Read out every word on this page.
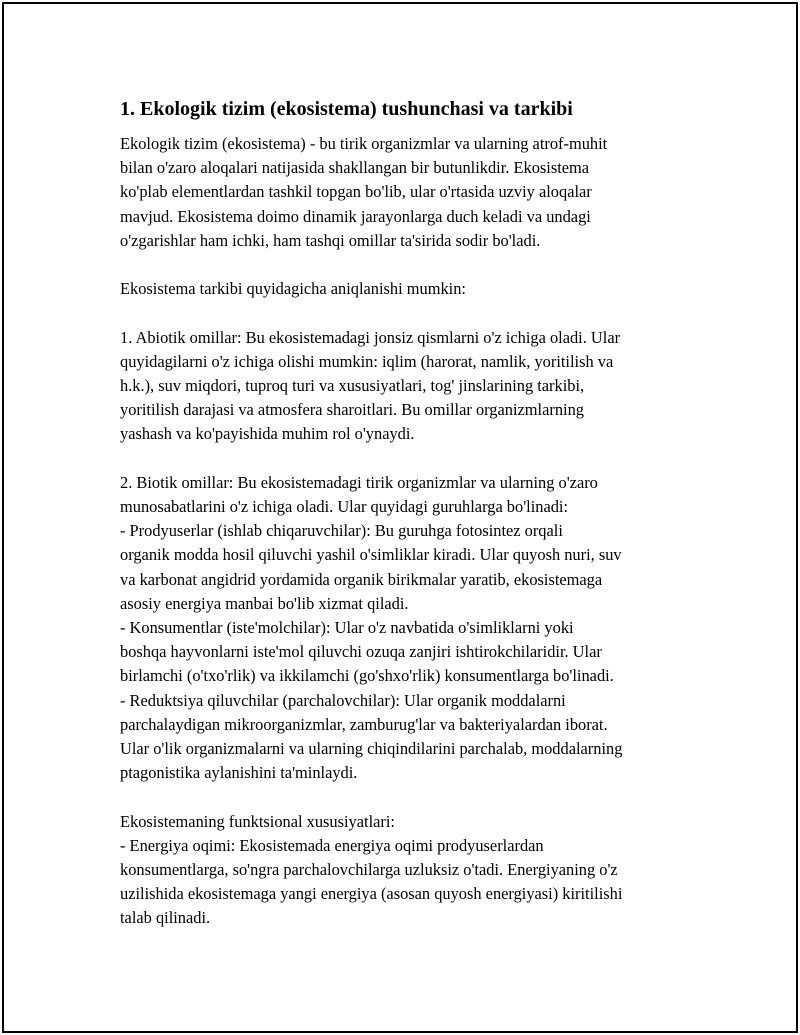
1. Ekologik tizim (ekosistema) tushunchasi va tarkibi

Ekologik tizim (ekosistema) - bu tirik organizmlar va ularning atrof-muhit
bilan o'zaro aloqalari natijasida shakllangan bir butunlikdir. Ekosistema
ko'plab elementlardan tashkil topgan bo'lib, ular o'rtasida uzviy aloqalar
mavjud. Ekosistema doimo dinamik jarayonlarga duch keladi va undagi
o'zgarishlar ham ichki, ham tashqi omillar ta'sirida sodir bo'ladi.

Ekosistema tarkibi quyidagicha aniqlanishi mumkin:

1. Abiotik omillar: Bu ekosistemadagi jonsiz qismlarni o'z ichiga oladi. Ular
quyidagilarni o'z ichiga olishi mumkin: iqlim (harorat, namlik, yoritilish va
h.k.), suv miqdori, tuproq turi va xususiyatlari, tog' jinslarining tarkibi,
yoritilish darajasi va atmosfera sharoitlari. Bu omillar organizmlarning
yashash va ko'payishida muhim rol o'ynaydi.

2. Biotik omillar: Bu ekosistemadagi tirik organizmlar va ularning o'zaro
munosabatlarini o'z ichiga oladi. Ular quyidagi guruhlarga bo'linadi:
- Prodyuserlar (ishlab chiqaruvchilar): Bu guruhga fotosintez orqali
organik modda hosil qiluvchi yashil o'simliklar kiradi. Ular quyosh nuri, suv
va karbonat angidrid yordamida organik birikmalar yaratib, ekosistemaga
asosiy energiya manbai bo'lib xizmat qiladi.
- Konsumentlar (iste'molchilar): Ular o'z navbatida o'simliklarni yoki
boshqa hayvonlarni iste'mol qiluvchi ozuqa zanjiri ishtirokchilaridir. Ular
birlamchi (o'txo'rlik) va ikkilamchi (go'shxo'rlik) konsumentlarga bo'linadi.
- Reduktsiya qiluvchilar (parchalovchilar): Ular organik moddalarni
parchalaydigan mikroorganizmlar, zamburug'lar va bakteriyalardan iborat.
Ular o'lik organizmalarni va ularning chiqindilarini parchalab, moddalarning
ptagonistika aylanishini ta'minlaydi.

Ekosistemaning funktsional xususiyatlari:
- Energiya oqimi: Ekosistemada energiya oqimi prodyuserlardan
konsumentlarga, so'ngra parchalovchilarga uzluksiz o'tadi. Energiyaning o'z
uzilishida ekosistemaga yangi energiya (asosan quyosh energiyasi) kiritilishi
talab qilinadi.
